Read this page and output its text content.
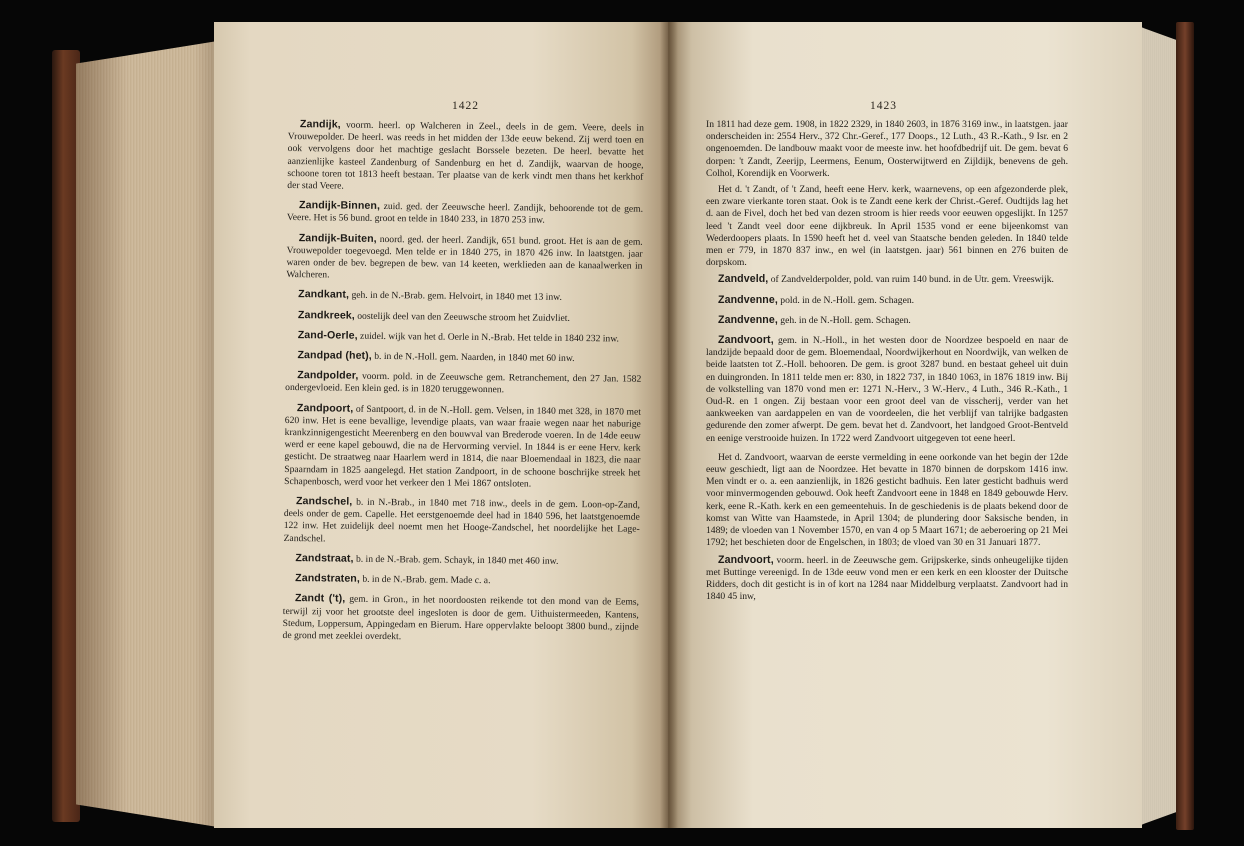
1422

Zandijk, voorm. heerl. op Walcheren in Zeel., deels in de gem. Veere, deels in Vrouwepolder. De heerl. was reeds in het midden der 13de eeuw bekend. Zij werd toen en ook vervolgens door het machtige geslacht Borssele bezeten. De heerl. bevatte het aanzienlijke kasteel Zandenburg of Sandenburg en het d. Zandijk, waarvan de hooge, schoone toren tot 1813 heeft bestaan. Ter plaatse van de kerk vindt men thans het kerkhof der stad Veere.

Zandijk-Binnen, zuid. ged. der Zeeuwsche heerl. Zandijk, behoorende tot de gem. Veere. Het is 56 bund. groot en telde in 1840 233, in 1870 253 inw.

Zandijk-Buiten, noord. ged. der heerl. Zandijk, 651 bund. groot. Het is aan de gem. Vrouwepolder toegevoegd. Men telde er in 1840 275, in 1870 426 inw. In laatstgen. jaar waren onder de bev. begrepen de bew. van 14 keeten, werklieden aan de kanaalwerken in Walcheren.

Zandkant, geh. in de N.-Brab. gem. Helvoirt, in 1840 met 13 inw.

Zandkreek, oostelijk deel van den Zeeuwsche stroom het Zuidvliet.

Zand-Oerle, zuidel. wijk van het d. Oerle in N.-Brab. Het telde in 1840 232 inw.

Zandpad (het), b. in de N.-Holl. gem. Naarden, in 1840 met 60 inw.

Zandpolder, voorm. pold. in de Zeeuwsche gem. Retranchement, den 27 Jan. 1582 ondergevloeid. Een klein ged. is in 1820 teruggewonnen.

Zandpoort, of Santpoort, d. in de N.-Holl. gem. Velsen, in 1840 met 328, in 1870 met 620 inw. Het is eene bevallige, levendige plaats, van waar fraaie wegen naar het naburige krankzinnigengesticht Meerenberg en den bouwval van Brederode voeren. In de 14de eeuw werd er eene kapel gebouwd, die na de Hervorming verviel. In 1844 is er eene Herv. kerk gesticht. De straatweg naar Haarlem werd in 1814, die naar Bloemendaal in 1823, die naar Spaarndam in 1825 aangelegd. Het station Zandpoort, in de schoone boschrijke streek het Schapenbosch, werd voor het verkeer den 1 Mei 1867 ontsloten.

Zandschel, b. in N.-Brab., in 1840 met 718 inw., deels in de gem. Loon-op-Zand, deels onder de gem. Capelle. Het eerstgenoemde deel had in 1840 596, het laatstgenoemde 122 inw. Het zuidelijk deel noemt men het Hooge-Zandschel, het noordelijke het Lage-Zandschel.

Zandstraat, b. in de N.-Brab. gem. Schayk, in 1840 met 460 inw.

Zandstraten, b. in de N.-Brab. gem. Made c. a.

Zandt ('t), gem. in Gron., in het noordoosten reikende tot den mond van de Eems, terwijl zij voor het grootste deel ingesloten is door de gem. Uithuistermeeden, Kantens, Stedum, Loppersum, Appingedam en Bierum. Hare oppervlakte beloopt 3800 bund., zijnde de grond met zeeklei overdekt.

1423

In 1811 had deze gem. 1908, in 1822 2329, in 1840 2603, in 1876 3169 inw., in laatstgen. jaar onderscheiden in: 2554 Herv., 372 Chr.-Geref., 177 Doops., 12 Luth., 43 R.-Kath., 9 Isr. en 2 ongenoemden. De landbouw maakt voor de meeste inw. het hoofdbedrijf uit. De gem. bevat 6 dorpen: 't Zandt, Zeerijp, Leermens, Eenum, Oosterwijtwerd en Zijldijk, benevens de geh. Colhol, Korendijk en Voorwerk.

Het d. 't Zandt, of 't Zand, heeft eene Herv. kerk, waarnevens, op een afgezonderde plek, een zware vierkante toren staat. Ook is te Zandt eene kerk der Christ.-Geref. Oudtijds lag het d. aan de Fivel, doch het bed van dezen stroom is hier reeds voor eeuwen opgeslijkt. In 1257 leed 't Zandt veel door eene dijkbreuk. In April 1535 vond er eene bijeenkomst van Wederdoopers plaats. In 1590 heeft het d. veel van Staatsche benden geleden. In 1840 telde men er 779, in 1870 837 inw., en wel (in laatstgen. jaar) 561 binnen en 276 buiten de dorpskom.

Zandveld, of Zandvelderpolder, pold. van ruim 140 bund. in de Utr. gem. Vreeswijk.

Zandvenne, pold. in de N.-Holl. gem. Schagen.

Zandvenne, geh. in de N.-Holl. gem. Schagen.

Zandvoort, gem. in N.-Holl., in het westen door de Noordzee bespoeld en naar de landzijde bepaald door de gem. Bloemendaal, Noordwijkerhout en Noordwijk, van welken de beide laatsten tot Z.-Holl. behooren. De gem. is groot 3287 bund. en bestaat geheel uit duin en duingronden. In 1811 telde men er: 830, in 1822 737, in 1840 1063, in 1876 1819 inw. Bij de volkstelling van 1870 vond men er: 1271 N.-Herv., 3 W.-Herv., 4 Luth., 346 R.-Kath., 1 Oud-R. en 1 ongen. Zij bestaan voor een groot deel van de visscherij, verder van het aankweeken van aardappelen en van de voordeelen, die het verblijf van talrijke badgasten gedurende den zomer afwerpt. De gem. bevat het d. Zandvoort, het landgoed Groot-Bentveld en eenige verstrooide huizen. In 1722 werd Zandvoort uitgegeven tot eene heerl.

Het d. Zandvoort, waarvan de eerste vermelding in eene oorkonde van het begin der 12de eeuw geschiedt, ligt aan de Noordzee. Het bevatte in 1870 binnen de dorpskom 1416 inw. Men vindt er o. a. een aanzienlijk, in 1826 gesticht badhuis. Een later gesticht badhuis werd voor minvermogenden gebouwd. Ook heeft Zandvoort eene in 1848 en 1849 gebouwde Herv. kerk, eene R.-Kath. kerk en een gemeentehuis. In de geschiedenis is de plaats bekend door de komst van Witte van Haamstede, in April 1304; de plundering door Saksische benden, in 1489; de vloeden van 1 November 1570, en van 4 op 5 Maart 1671; de aeberoering op 21 Mei 1792; het beschieten door de Engelschen, in 1803; de vloed van 30 en 31 Januari 1877.

Zandvoort, voorm. heerl. in de Zeeuwsche gem. Grijpskerke, sinds onheugelijke tijden met Buttinge vereenigd. In de 13de eeuw vond men er een kerk en een klooster der Duitsche Ridders, doch dit gesticht is in of kort na 1284 naar Middelburg verplaatst. Zandvoort had in 1840 45 inw,
